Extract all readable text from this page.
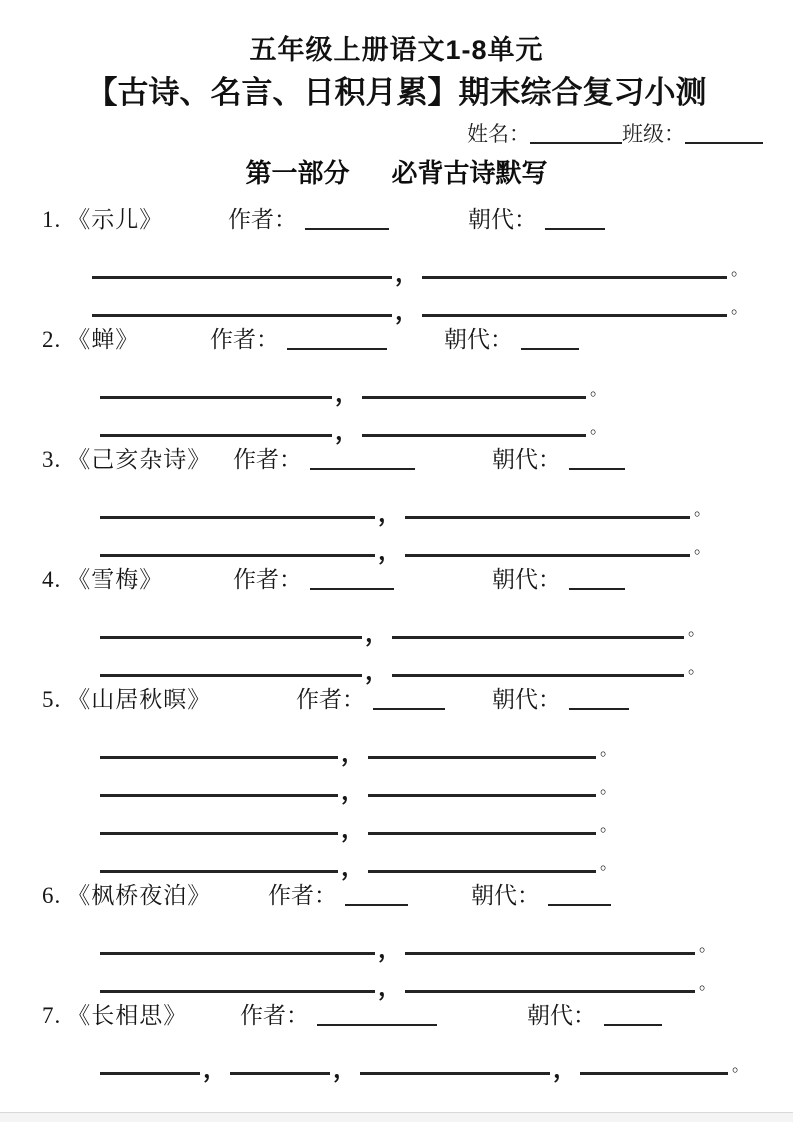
五年级上册语文1-8单元
【古诗、名言、日积月累】期末综合复习小测
姓名：	班级：
第一部分 必背古诗默写
1. 《示儿》	作者：	朝代：
，	。
，	。
2. 《蝉》	作者：	朝代：
，	。
，	。
3. 《己亥杂诗》 作者：	朝代：
，	。
，	。
4. 《雪梅》	作者：	朝代：
，	。
，	。
5. 《山居秋暝》	作者：	朝代：
，	。
，	。
，	。
，	。
6. 《枫桥夜泊》 作者：	朝代：
，	。
，	。
7. 《长相思》 作者：	朝代：
，	，	，	。
